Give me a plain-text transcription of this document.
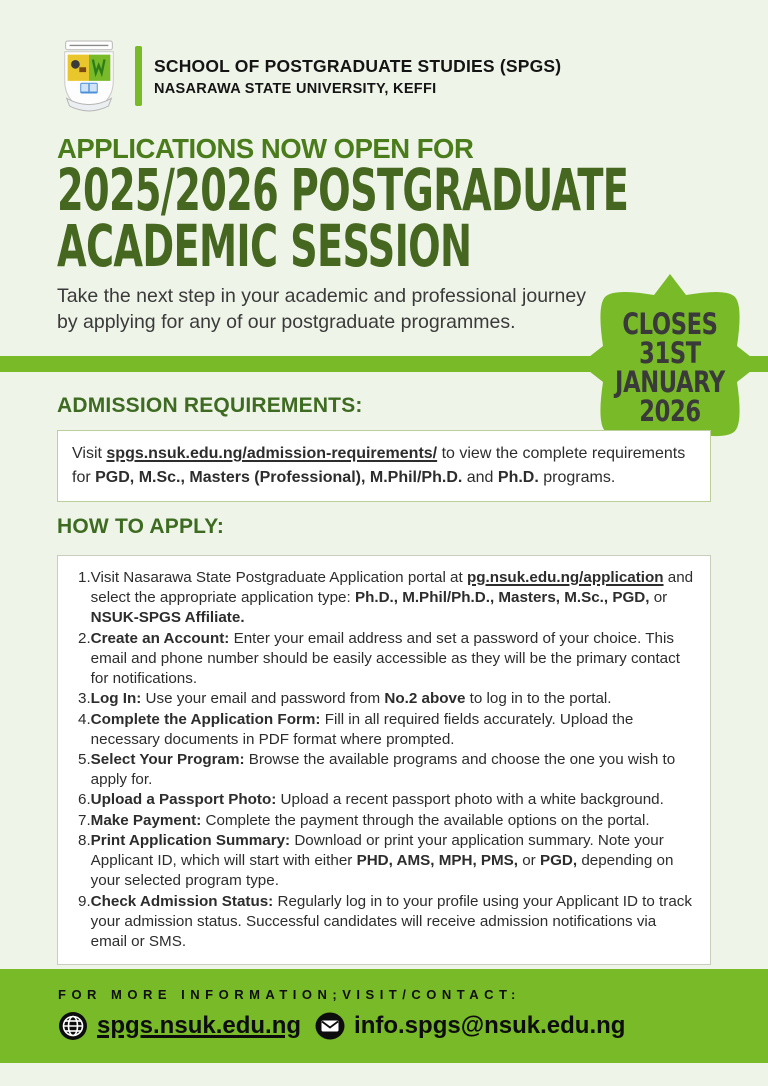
SCHOOL OF POSTGRADUATE STUDIES (SPGS)
NASARAWA STATE UNIVERSITY, KEFFI
APPLICATIONS NOW OPEN FOR
2025/2026 POSTGRADUATE
ACADEMIC SESSION
Take the next step in your academic and professional journey
by applying for any of our postgraduate programmes.	CLOSES
31ST
JANUARY
2026
ADMISSION REQUIREMENTS:
Visit spgs.nsuk.edu.ng/admission-requirements/ to view the complete requirements for PGD, M.Sc., Masters (Professional), M.Phil/Ph.D. and Ph.D. programs.
HOW TO APPLY:
1. Visit Nasarawa State Postgraduate Application portal at pg.nsuk.edu.ng/application and select the appropriate application type: Ph.D., M.Phil/Ph.D., Masters, M.Sc., PGD, or NSUK-SPGS Affiliate.
2. Create an Account: Enter your email address and set a password of your choice. This email and phone number should be easily accessible as they will be the primary contact for notifications.
3. Log In: Use your email and password from No.2 above to log in to the portal.
4. Complete the Application Form: Fill in all required fields accurately. Upload the necessary documents in PDF format where prompted.
5. Select Your Program: Browse the available programs and choose the one you wish to apply for.
6. Upload a Passport Photo: Upload a recent passport photo with a white background.
7. Make Payment: Complete the payment through the available options on the portal.
8. Print Application Summary: Download or print your application summary. Note your Applicant ID, which will start with either PHD, AMS, MPH, PMS, or PGD, depending on your selected program type.
9. Check Admission Status: Regularly log in to your profile using your Applicant ID to track your admission status. Successful candidates will receive admission notifications via email or SMS.
FOR MORE INFORMATION;VISIT/CONTACT:
spgs.nsuk.edu.ng info.spgs@nsuk.edu.ng
